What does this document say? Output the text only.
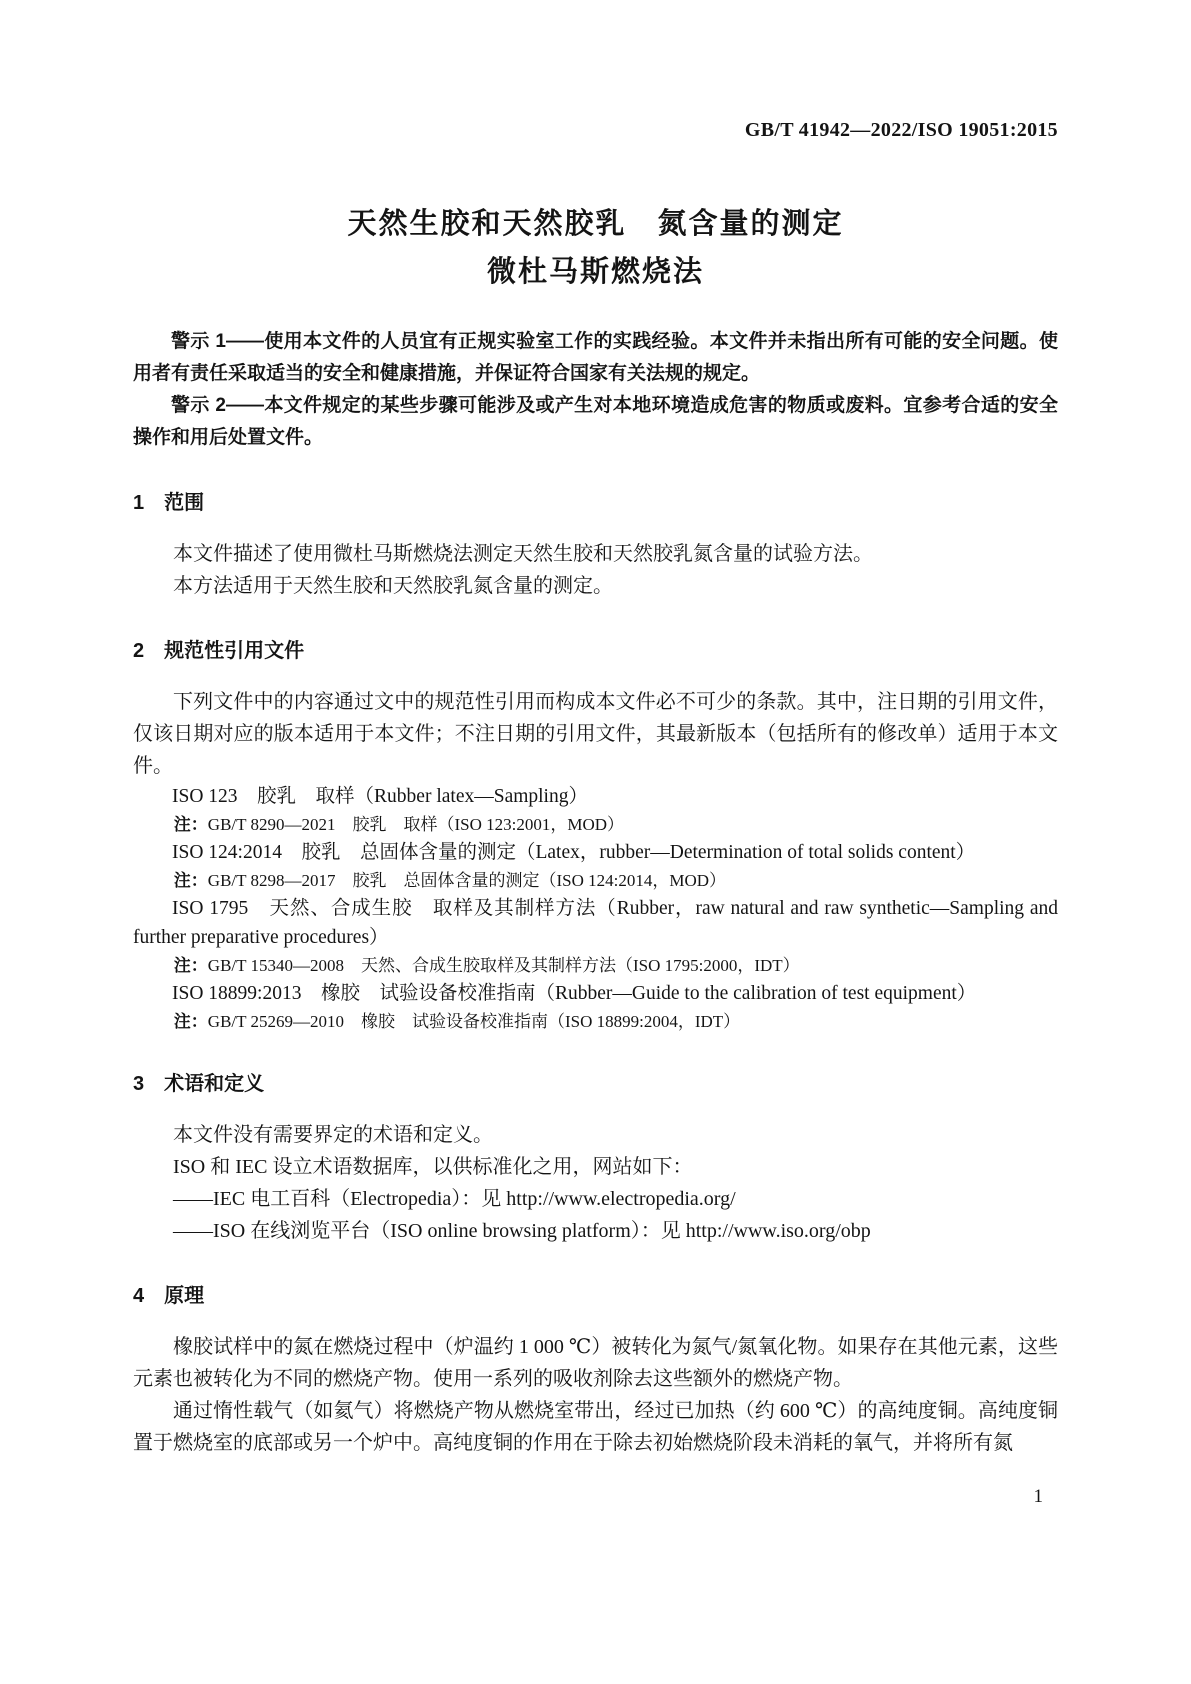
GB/T 41942—2022/ISO 19051:2015
天然生胶和天然胶乳　氮含量的测定
微杜马斯燃烧法

警示 1——使用本文件的人员宜有正规实验室工作的实践经验。本文件并未指出所有可能的安全问题。使用者有责任采取适当的安全和健康措施，并保证符合国家有关法规的规定。

警示 2——本文件规定的某些步骤可能涉及或产生对本地环境造成危害的物质或废料。宜参考合适的安全操作和用后处置文件。

1　范围

本文件描述了使用微杜马斯燃烧法测定天然生胶和天然胶乳氮含量的试验方法。

本方法适用于天然生胶和天然胶乳氮含量的测定。

2　规范性引用文件

下列文件中的内容通过文中的规范性引用而构成本文件必不可少的条款。其中，注日期的引用文件，仅该日期对应的版本适用于本文件；不注日期的引用文件，其最新版本（包括所有的修改单）适用于本文件。

ISO 123　胶乳　取样（Rubber latex—Sampling）

注：GB/T 8290—2021　胶乳　取样（ISO 123:2001，MOD）

ISO 124:2014　胶乳　总固体含量的测定（Latex，rubber—Determination of total solids content）

注：GB/T 8298—2017　胶乳　总固体含量的测定（ISO 124:2014，MOD）

ISO 1795　天然、合成生胶　取样及其制样方法（Rubber，raw natural and raw synthetic—Sampling and further preparative procedures）

注：GB/T 15340—2008　天然、合成生胶取样及其制样方法（ISO 1795:2000，IDT）

ISO 18899:2013　橡胶　试验设备校准指南（Rubber—Guide to the calibration of test equipment）

注：GB/T 25269—2010　橡胶　试验设备校准指南（ISO 18899:2004，IDT）

3　术语和定义

本文件没有需要界定的术语和定义。

ISO 和 IEC 设立术语数据库，以供标准化之用，网站如下：

——IEC 电工百科（Electropedia）：见 http://www.electropedia.org/

——ISO 在线浏览平台（ISO online browsing platform）：见 http://www.iso.org/obp

4　原理

橡胶试样中的氮在燃烧过程中（炉温约 1 000 ℃）被转化为氮气/氮氧化物。如果存在其他元素，这些元素也被转化为不同的燃烧产物。使用一系列的吸收剂除去这些额外的燃烧产物。

通过惰性载气（如氦气）将燃烧产物从燃烧室带出，经过已加热（约 600 ℃）的高纯度铜。高纯度铜置于燃烧室的底部或另一个炉中。高纯度铜的作用在于除去初始燃烧阶段未消耗的氧气，并将所有氮

1
